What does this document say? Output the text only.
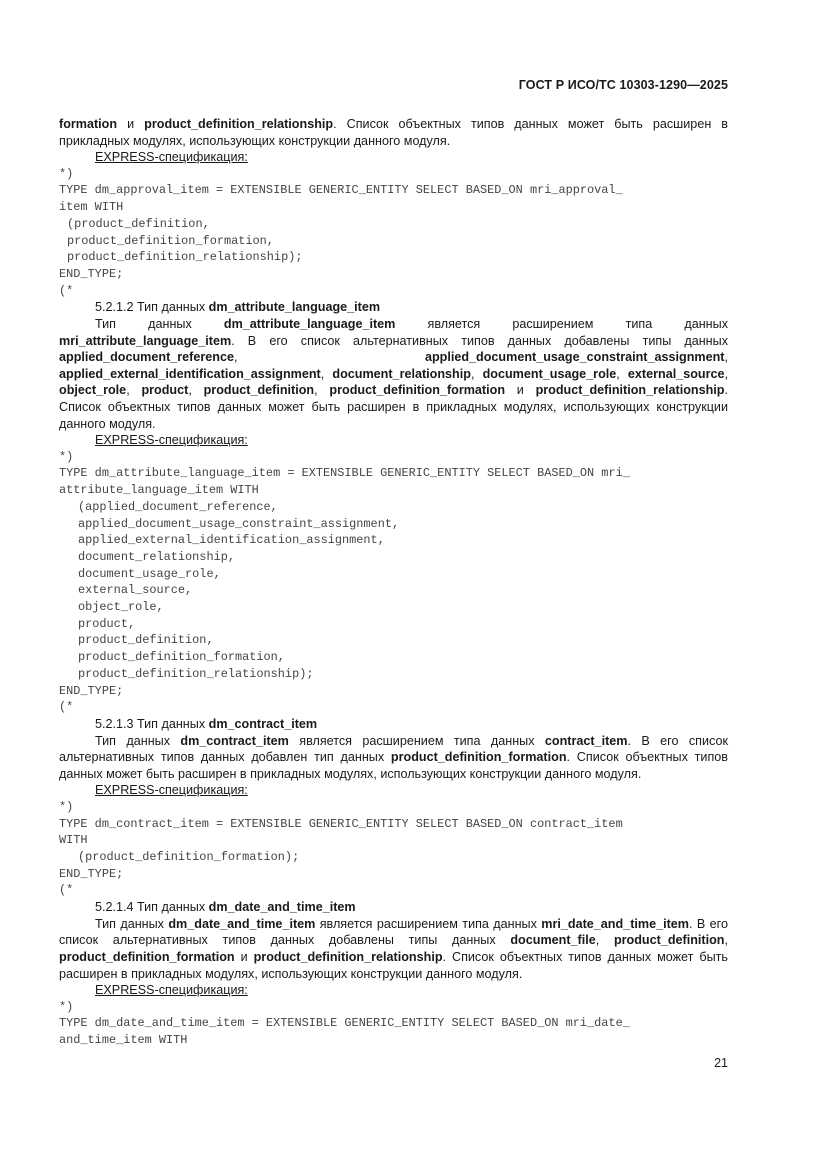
ГОСТ Р ИСО/ТС 10303-1290—2025

formation и product_definition_relationship. Список объектных типов данных может быть расширен в прикладных модулях, использующих конструкции данного модуля.

EXPRESS-спецификация:

*)
TYPE dm_approval_item = EXTENSIBLE GENERIC_ENTITY SELECT BASED_ON mri_approval_
item WITH
(product_definition,
product_definition_formation,
product_definition_relationship);
END_TYPE;
(*

5.2.1.2 Тип данных dm_attribute_language_item

Тип данных dm_attribute_language_item является расширением типа данных mri_attribute_language_item. В его список альтернативных типов данных добавлены типы данных applied_document_reference, applied_document_usage_constraint_assignment, applied_external_identification_assignment, document_relationship, document_usage_role, external_source, object_role, product, product_definition, product_definition_formation и product_definition_relationship. Список объектных типов данных может быть расширен в прикладных модулях, использующих конструкции данного модуля.

EXPRESS-спецификация:

*)
TYPE dm_attribute_language_item = EXTENSIBLE GENERIC_ENTITY SELECT BASED_ON mri_
attribute_language_item WITH
(applied_document_reference,
applied_document_usage_constraint_assignment,
applied_external_identification_assignment,
document_relationship,
document_usage_role,
external_source,
object_role,
product,
product_definition,
product_definition_formation,
product_definition_relationship);
END_TYPE;
(*

5.2.1.3 Тип данных dm_contract_item

Тип данных dm_contract_item является расширением типа данных contract_item. В его список альтернативных типов данных добавлен тип данных product_definition_formation. Список объектных типов данных может быть расширен в прикладных модулях, использующих конструкции данного модуля.

EXPRESS-спецификация:

*)
TYPE dm_contract_item = EXTENSIBLE GENERIC_ENTITY SELECT BASED_ON contract_item
WITH
(product_definition_formation);
END_TYPE;
(*

5.2.1.4 Тип данных dm_date_and_time_item

Тип данных dm_date_and_time_item является расширением типа данных mri_date_and_time_item. В его список альтернативных типов данных добавлены типы данных document_file, product_definition, product_definition_formation и product_definition_relationship. Список объектных типов данных может быть расширен в прикладных модулях, использующих конструкции данного модуля.

EXPRESS-спецификация:

*)
TYPE dm_date_and_time_item = EXTENSIBLE GENERIC_ENTITY SELECT BASED_ON mri_date_
and_time_item WITH
21
